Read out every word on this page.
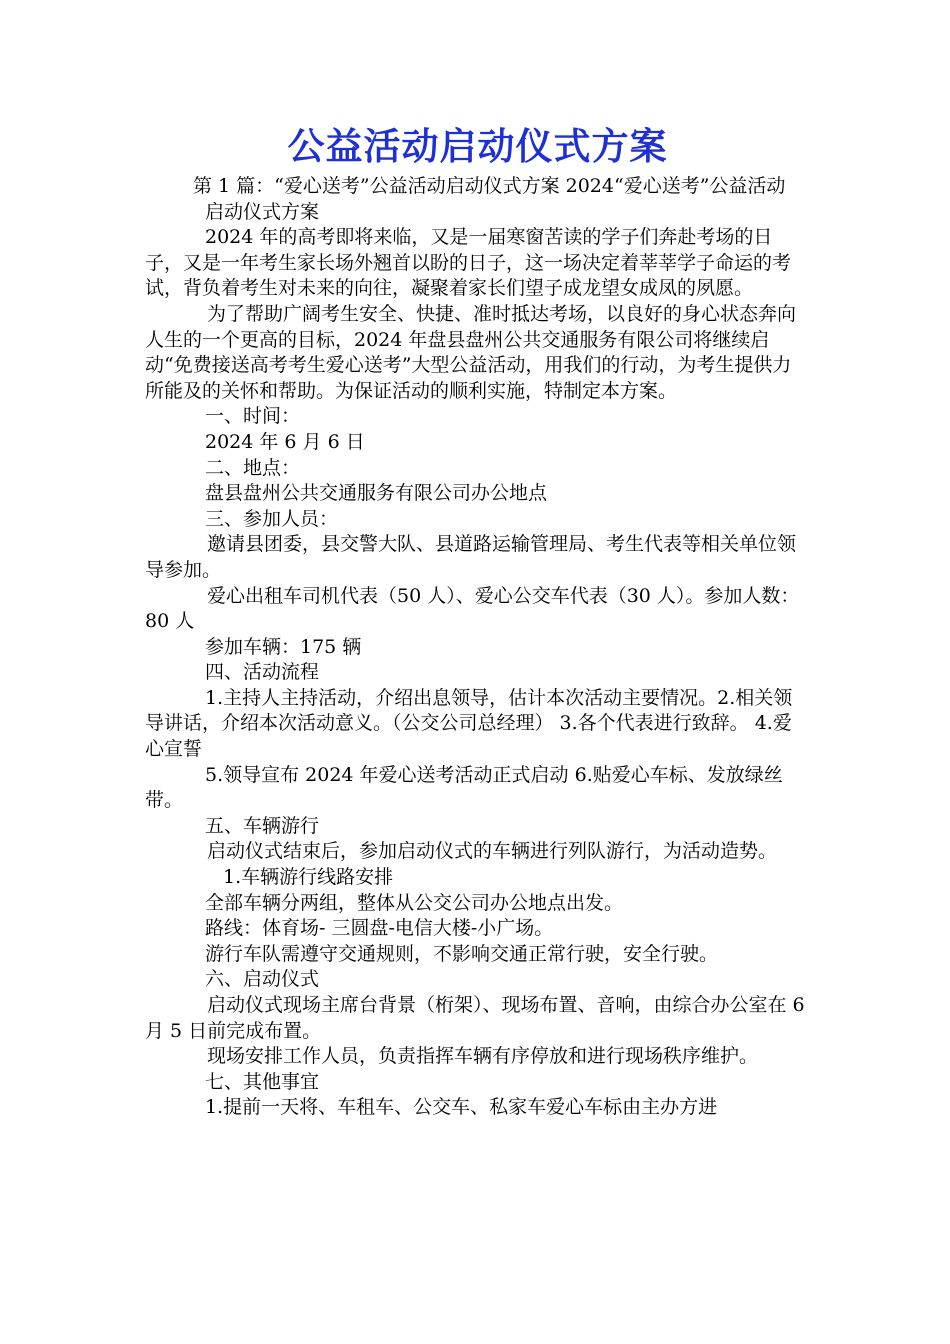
公益活动启动仪式方案

第 1 篇：“爱心送考”公益活动启动仪式方案 2024“爱心送考”公益活动

启动仪式方案

2024 年的高考即将来临，又是一届寒窗苦读的学子们奔赴考场的日子，又是一年考生家长场外翘首以盼的日子，这一场决定着莘莘学子命运的考试，背负着考生对未来的向往，凝聚着家长们望子成龙望女成凤的夙愿。

为了帮助广阔考生安全、快捷、准时抵达考场，以良好的身心状态奔向人生的一个更高的目标，2024 年盘县盘州公共交通服务有限公司将继续启动“免费接送高考考生爱心送考”大型公益活动，用我们的行动，为考生提供力所能及的关怀和帮助。为保证活动的顺利实施，特制定本方案。

一、时间：

2024 年 6 月 6 日

二、地点：

盘县盘州公共交通服务有限公司办公地点

三、参加人员：

邀请县团委，县交警大队、县道路运输管理局、考生代表等相关单位领导参加。

爱心出租车司机代表（50 人）、爱心公交车代表（30 人）。参加人数：80 人

参加车辆：175 辆

四、活动流程

1.主持人主持活动，介绍出息领导，估计本次活动主要情况。2.相关领导讲话，介绍本次活动意义。（公交公司总经理） 3.各个代表进行致辞。 4.爱心宣誓

5.领导宣布 2024 年爱心送考活动正式启动 6.贴爱心车标、发放绿丝带。

五、车辆游行

启动仪式结束后，参加启动仪式的车辆进行列队游行，为活动造势。

1.车辆游行线路安排

全部车辆分两组，整体从公交公司办公地点出发。

路线：体育场- 三圆盘-电信大楼-小广场。

游行车队需遵守交通规则，不影响交通正常行驶，安全行驶。

六、启动仪式

启动仪式现场主席台背景（桁架）、现场布置、音响，由综合办公室在 6 月 5 日前完成布置。

现场安排工作人员，负责指挥车辆有序停放和进行现场秩序维护。

七、其他事宜

1.提前一天将、车租车、公交车、私家车爱心车标由主办方进
